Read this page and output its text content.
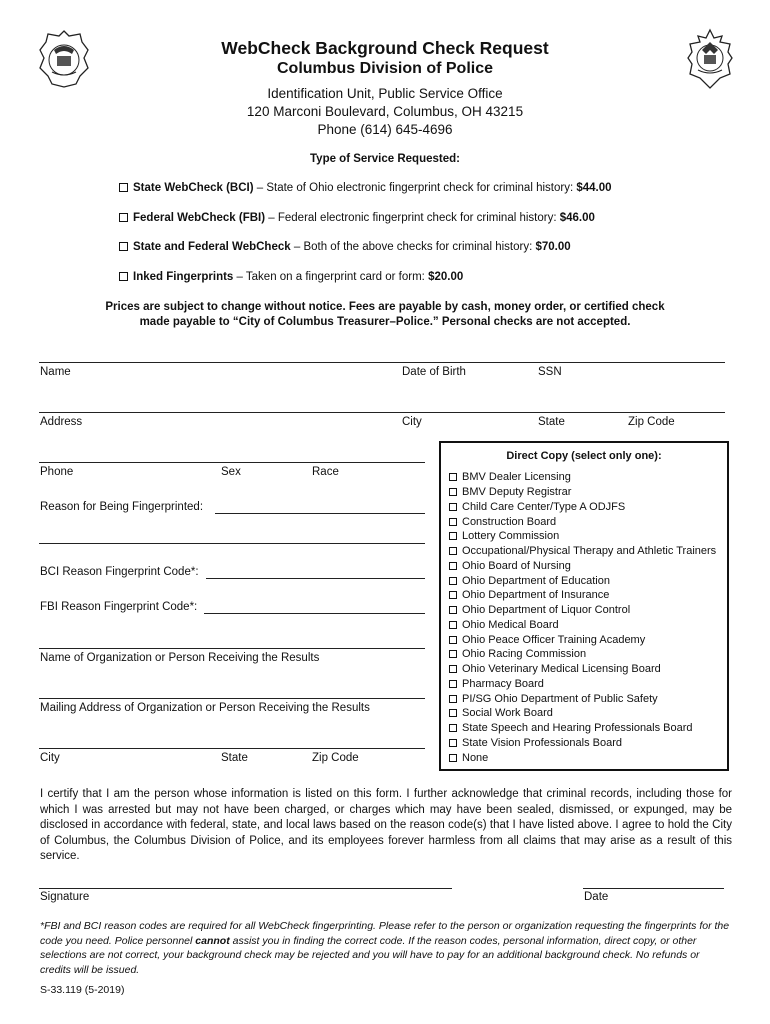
WebCheck Background Check Request
Columbus Division of Police
Identification Unit, Public Service Office
120 Marconi Boulevard, Columbus, OH 43215
Phone (614) 645-4696
Type of Service Requested:
State WebCheck (BCI) – State of Ohio electronic fingerprint check for criminal history: $44.00
Federal WebCheck (FBI) – Federal electronic fingerprint check for criminal history: $46.00
State and Federal WebCheck – Both of the above checks for criminal history: $70.00
Inked Fingerprints – Taken on a fingerprint card or form: $20.00
Prices are subject to change without notice. Fees are payable by cash, money order, or certified check
made payable to “City of Columbus Treasurer–Police.” Personal checks are not accepted.
Name	Date of Birth	SSN
Address	City	State	Zip Code
Phone	Sex	Race
Reason for Being Fingerprinted:
BCI Reason Fingerprint Code*:
FBI Reason Fingerprint Code*:
Name of Organization or Person Receiving the Results
Mailing Address of Organization or Person Receiving the Results
City	State	Zip Code
Direct Copy (select only one):
BMV Dealer Licensing
BMV Deputy Registrar
Child Care Center/Type A ODJFS
Construction Board
Lottery Commission
Occupational/Physical Therapy and Athletic Trainers
Ohio Board of Nursing
Ohio Department of Education
Ohio Department of Insurance
Ohio Department of Liquor Control
Ohio Medical Board
Ohio Peace Officer Training Academy
Ohio Racing Commission
Ohio Veterinary Medical Licensing Board
Pharmacy Board
PI/SG Ohio Department of Public Safety
Social Work Board
State Speech and Hearing Professionals Board
State Vision Professionals Board
None
I certify that I am the person whose information is listed on this form. I further acknowledge that criminal records, including those for which I was arrested but may not have been charged, or charges which may have been sealed, dismissed, or expunged, may be disclosed in accordance with federal, state, and local laws based on the reason code(s) that I have listed above. I agree to hold the City of Columbus, the Columbus Division of Police, and its employees forever harmless from all claims that may arise as a result of this service.
Signature	Date
*FBI and BCI reason codes are required for all WebCheck fingerprinting. Please refer to the person or organization requesting the fingerprints for the code you need. Police personnel cannot assist you in finding the correct code. If the reason codes, personal information, direct copy, or other selections are not correct, your background check may be rejected and you will have to pay for an additional background check. No refunds or credits will be issued.
S-33.119 (5-2019)
